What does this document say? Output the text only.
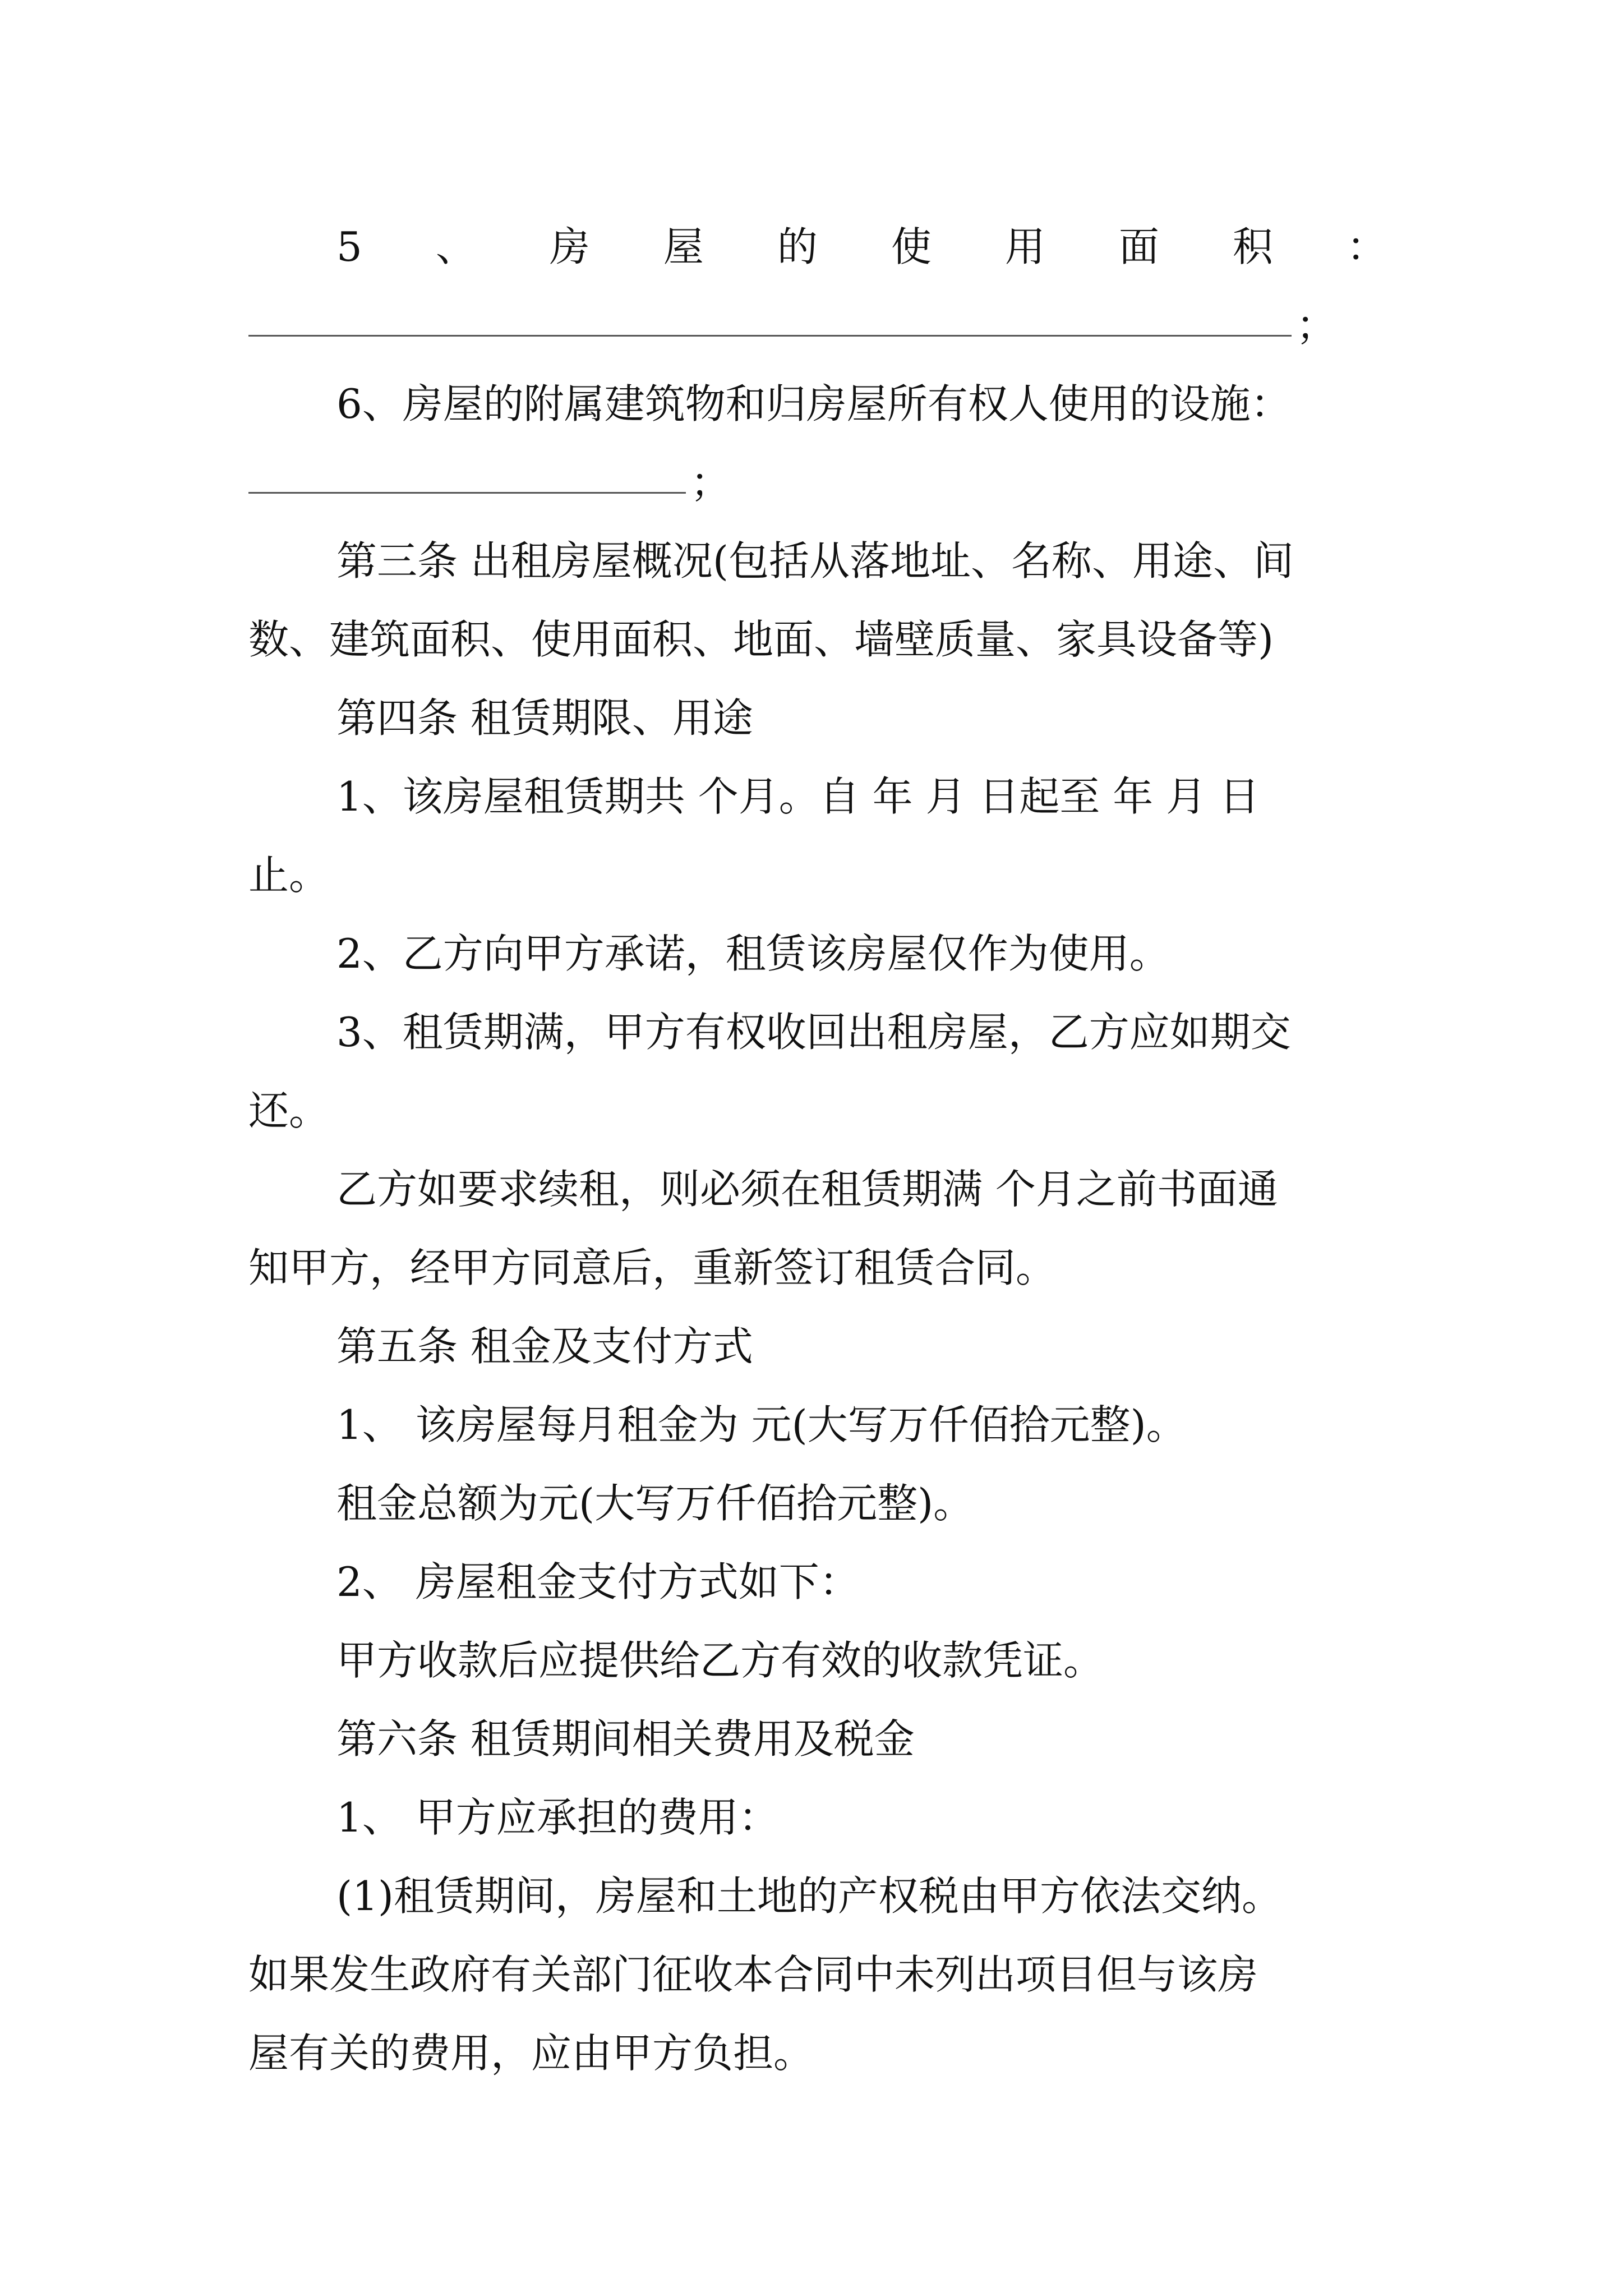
5 、 房 屋 的 使 用 面 积 ：
；
6、房屋的附属建筑物和归房屋所有权人使用的设施：
；
第三条 出租房屋概况(包括从落地址、名称、用途、间
数、建筑面积、使用面积、地面、墙壁质量、家具设备等)
第四条 租赁期限、用途
1、该房屋租赁期共 个月。自 年 月 日起至 年 月 日
止。
2、乙方向甲方承诺，租赁该房屋仅作为使用。
3、租赁期满，甲方有权收回出租房屋，乙方应如期交
还。
乙方如要求续租，则必须在租赁期满 个月之前书面通
知甲方，经甲方同意后，重新签订租赁合同。
第五条 租金及支付方式
1、 该房屋每月租金为 元(大写万仟佰拾元整)。
租金总额为元(大写万仟佰拾元整)。
2、 房屋租金支付方式如下：
甲方收款后应提供给乙方有效的收款凭证。
第六条 租赁期间相关费用及税金
1、 甲方应承担的费用：
(1)租赁期间，房屋和土地的产权税由甲方依法交纳。
如果发生政府有关部门征收本合同中未列出项目但与该房
屋有关的费用，应由甲方负担。
